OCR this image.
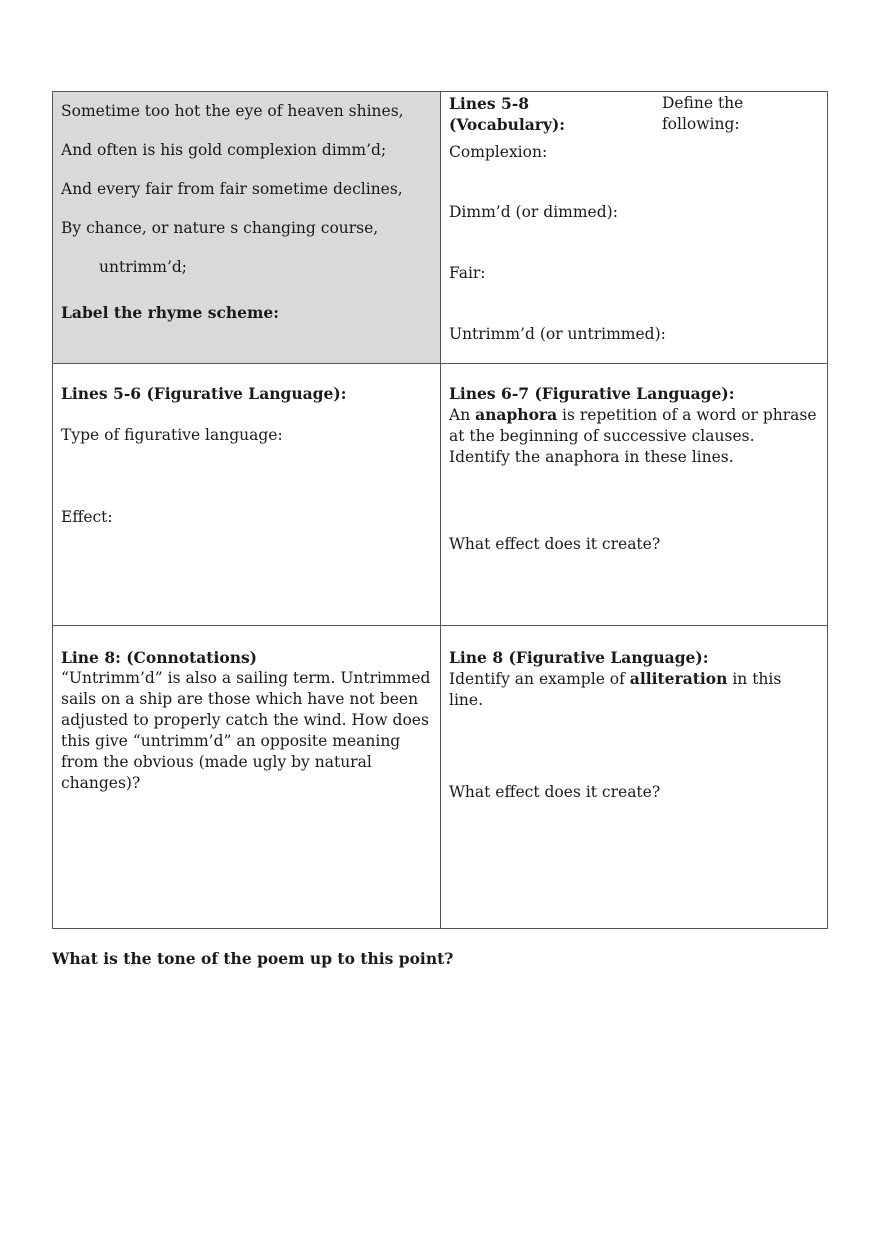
Sometime too hot the eye of heaven shines,

And often is his gold complexion dimm’d;

And every fair from fair sometime declines,

By chance, or nature s changing course,

untrimm’d;

Label the rhyme scheme:

Lines 5-8 (Vocabulary):
Define the following:

Complexion:

Dimm’d (or dimmed):

Fair:

Untrimm’d (or untrimmed):

Lines 5-6 (Figurative Language):

Type of figurative language:

Effect:

Lines 6-7 (Figurative Language):

An anaphora is repetition of a word or phrase at the beginning of successive clauses. Identify the anaphora in these lines.

What effect does it create?

Line 8: (Connotations)

“Untrimm’d” is also a sailing term. Untrimmed sails on a ship are those which have not been adjusted to properly catch the wind. How does this give “untrimm’d” an opposite meaning from the obvious (made ugly by natural changes)?

Line 8 (Figurative Language):

Identify an example of alliteration in this line.

What effect does it create?

What is the tone of the poem up to this point?
